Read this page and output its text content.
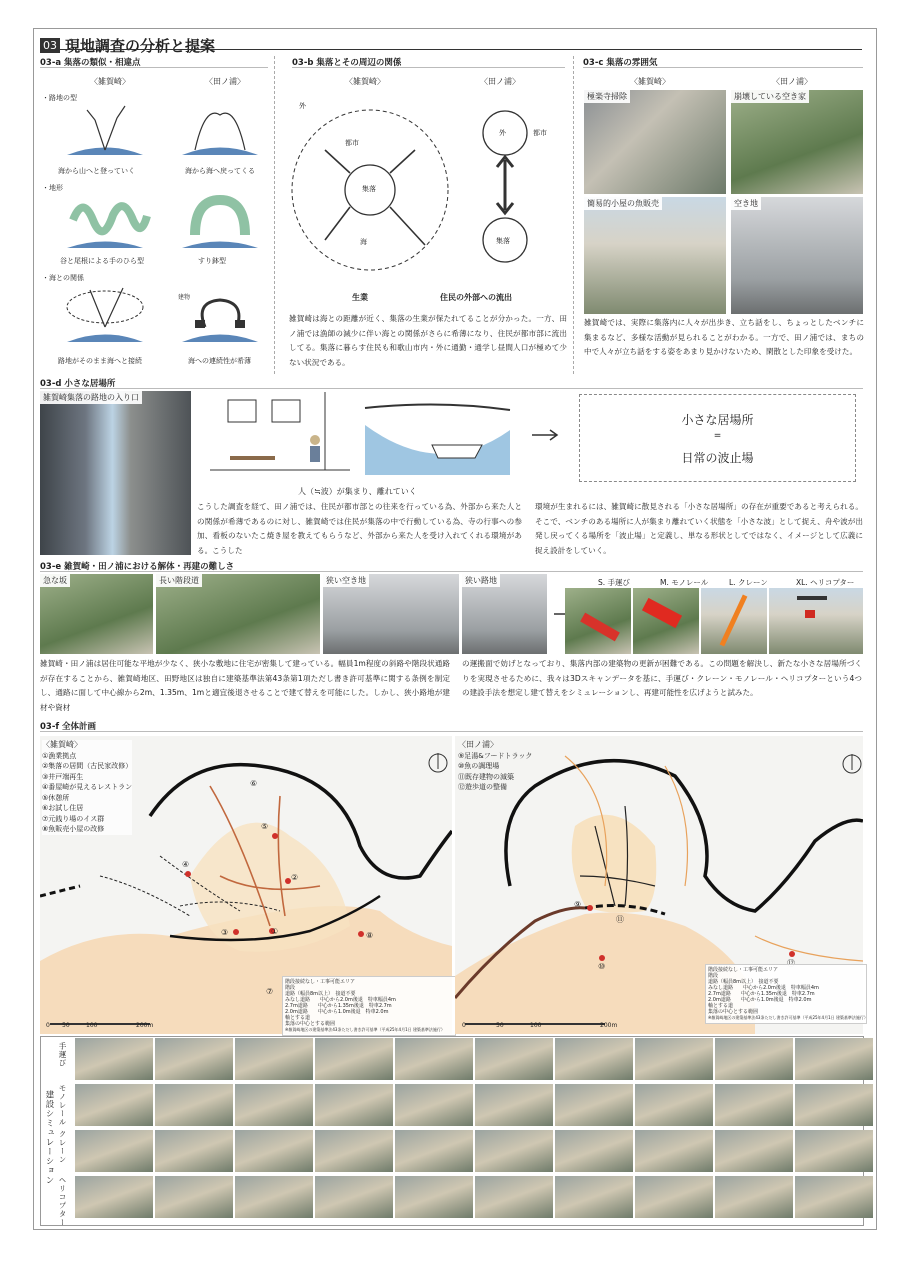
03 現地調査の分析と提案
03-a 集落の類似・相違点
〈雑賀崎〉	〈田ノ浦〉
・路地の型
海から山へと登っていく	海から海へ戻ってくる
・地形
谷と尾根による手のひら型	すり鉢型
・海との関係
建物
路地がそのまま海へと接続	海への連続性が希薄
03-b 集落とその周辺の関係
〈雑賀崎〉	〈田ノ浦〉
外
都市
集落
海
外	都市
集落
生業	住民の外部への流出
雑賀崎は海との距離が近く、集落の生業が保たれてることが分かった。一方、田ノ浦では漁師の減少に伴い海との関係がさらに希薄になり、住民が都市部に流出してる。集落に暮らす住民も和歌山市内・外に通勤・通学し昼間人口が極めて少ない状況である。
03-c 集落の雰囲気
〈雑賀崎〉	〈田ノ浦〉
極楽寺掃除	崩壊している空き家
簡易的小屋の魚販売	空き地
雑賀崎では、実際に集落内に人々が出歩き、立ち話をし、ちょっとしたベンチに集まるなど、多様な活動が見られることがわかる。一方で、田ノ浦では、まちの中で人々が立ち話をする姿をあまり見かけないため、閑散とした印象を受けた。
03-d 小さな居場所
雑賀崎集落の路地の入り口
人（≒波）が集まり、離れていく
小さな居場所
=
日常の波止場
こうした調査を経て、田ノ浦では、住民が都市部との往来を行っている為、外部から来た人との関係が希薄であるのに対し、雑賀崎では住民が集落の中で行動している為、寺の行事への参加、看板のないたこ焼き屋を教えてもらうなど、外部から来た人を受け入れてくれる環境がある。こうした
環境が生まれるには、雑賀崎に散見される「小さな居場所」の存在が重要であると考えられる。そこで、ベンチのある場所に人が集まり離れていく状態を「小さな波」として捉え、舟や波が出発し戻ってくる場所を「波止場」と定義し、単なる形状としてではなく、イメージとして広義に捉え設計をしていく。
03-e 雑賀崎・田ノ浦における解体・再建の難しさ
急な坂	長い階段道	狭い空き地	狭い路地	S. 手運び	M. モノレール	L. クレーン	XL. ヘリコプター
雑賀崎・田ノ浦は居住可能な平地が少なく、狭小な敷地に住宅が密集して建っている。幅員1m程度の斜路や階段状通路が存在することから、雑賀崎地区、田野地区は独自に建築基準法第43条第1項ただし書き許可基準に関する条例を制定し、通路に面して中心線から2m、1.35m、1mと適宜後退させることで建て替えを可能にした。しかし、狭小路地が建材や資材
の運搬面で妨げとなっており、集落内部の建築物の更新が困難である。この問題を解決し、新たな小さな居場所づくりを実現させるために、我々は3Dスキャンデータを基に、手運び・クレーン・モノレール・ヘリコプターという4つの建設手法を想定し建て替えをシミュレーションし、再建可能性を広げようと試みた。
03-f 全体計画
〈雑賀崎〉
①漁業拠点
②集落の居間（古民家改修）
③井戸端再生
④番屋崎が見えるレストラン
⑤休憩所
⑥お試し住居
⑦元銭り場のイス群
⑧魚販売小屋の改修
①
②
③
④
⑤
⑥
⑦
⑧
0 50	100	200m
階段接続なし・工事可能エリア
階段
道路（幅員8m以上）　接道不要
みなし道路　　中心から2.0m後退　特車幅員4m
2.7m道路　　中心から1.35m後退　特車2.7m
2.0m道路　　中心から1.0m後退　特車2.0m
軸とする道
集落の中心とする範囲
※雑賀崎地区の建築基準法43条ただし書き許可基準（平成25年4月1日 建築基準法施行）
〈田ノ浦〉
⑨足湯&フードトラック
⑩魚の調理場
⑪既存建物の減築
⑫遊歩道の整備
⑨
⑩
⑪
0	50	100	200m
階段接続なし・工事可能エリア
階段
道路（幅員8m以上）　接道不要
みなし道路　　中心から2.0m後退　特車幅員4m
2.7m道路　　中心から1.35m後退　特車2.7m
2.0m道路　　中心から1.0m後退　特車2.0m
軸とする道
集落の中心とする範囲
※雑賀崎地区の建築基準法43条ただし書き許可基準（平成25年4月1日 建築基準法施行）
建設シミュレーション
手運び
モノレール
クレーン
ヘリコプター
